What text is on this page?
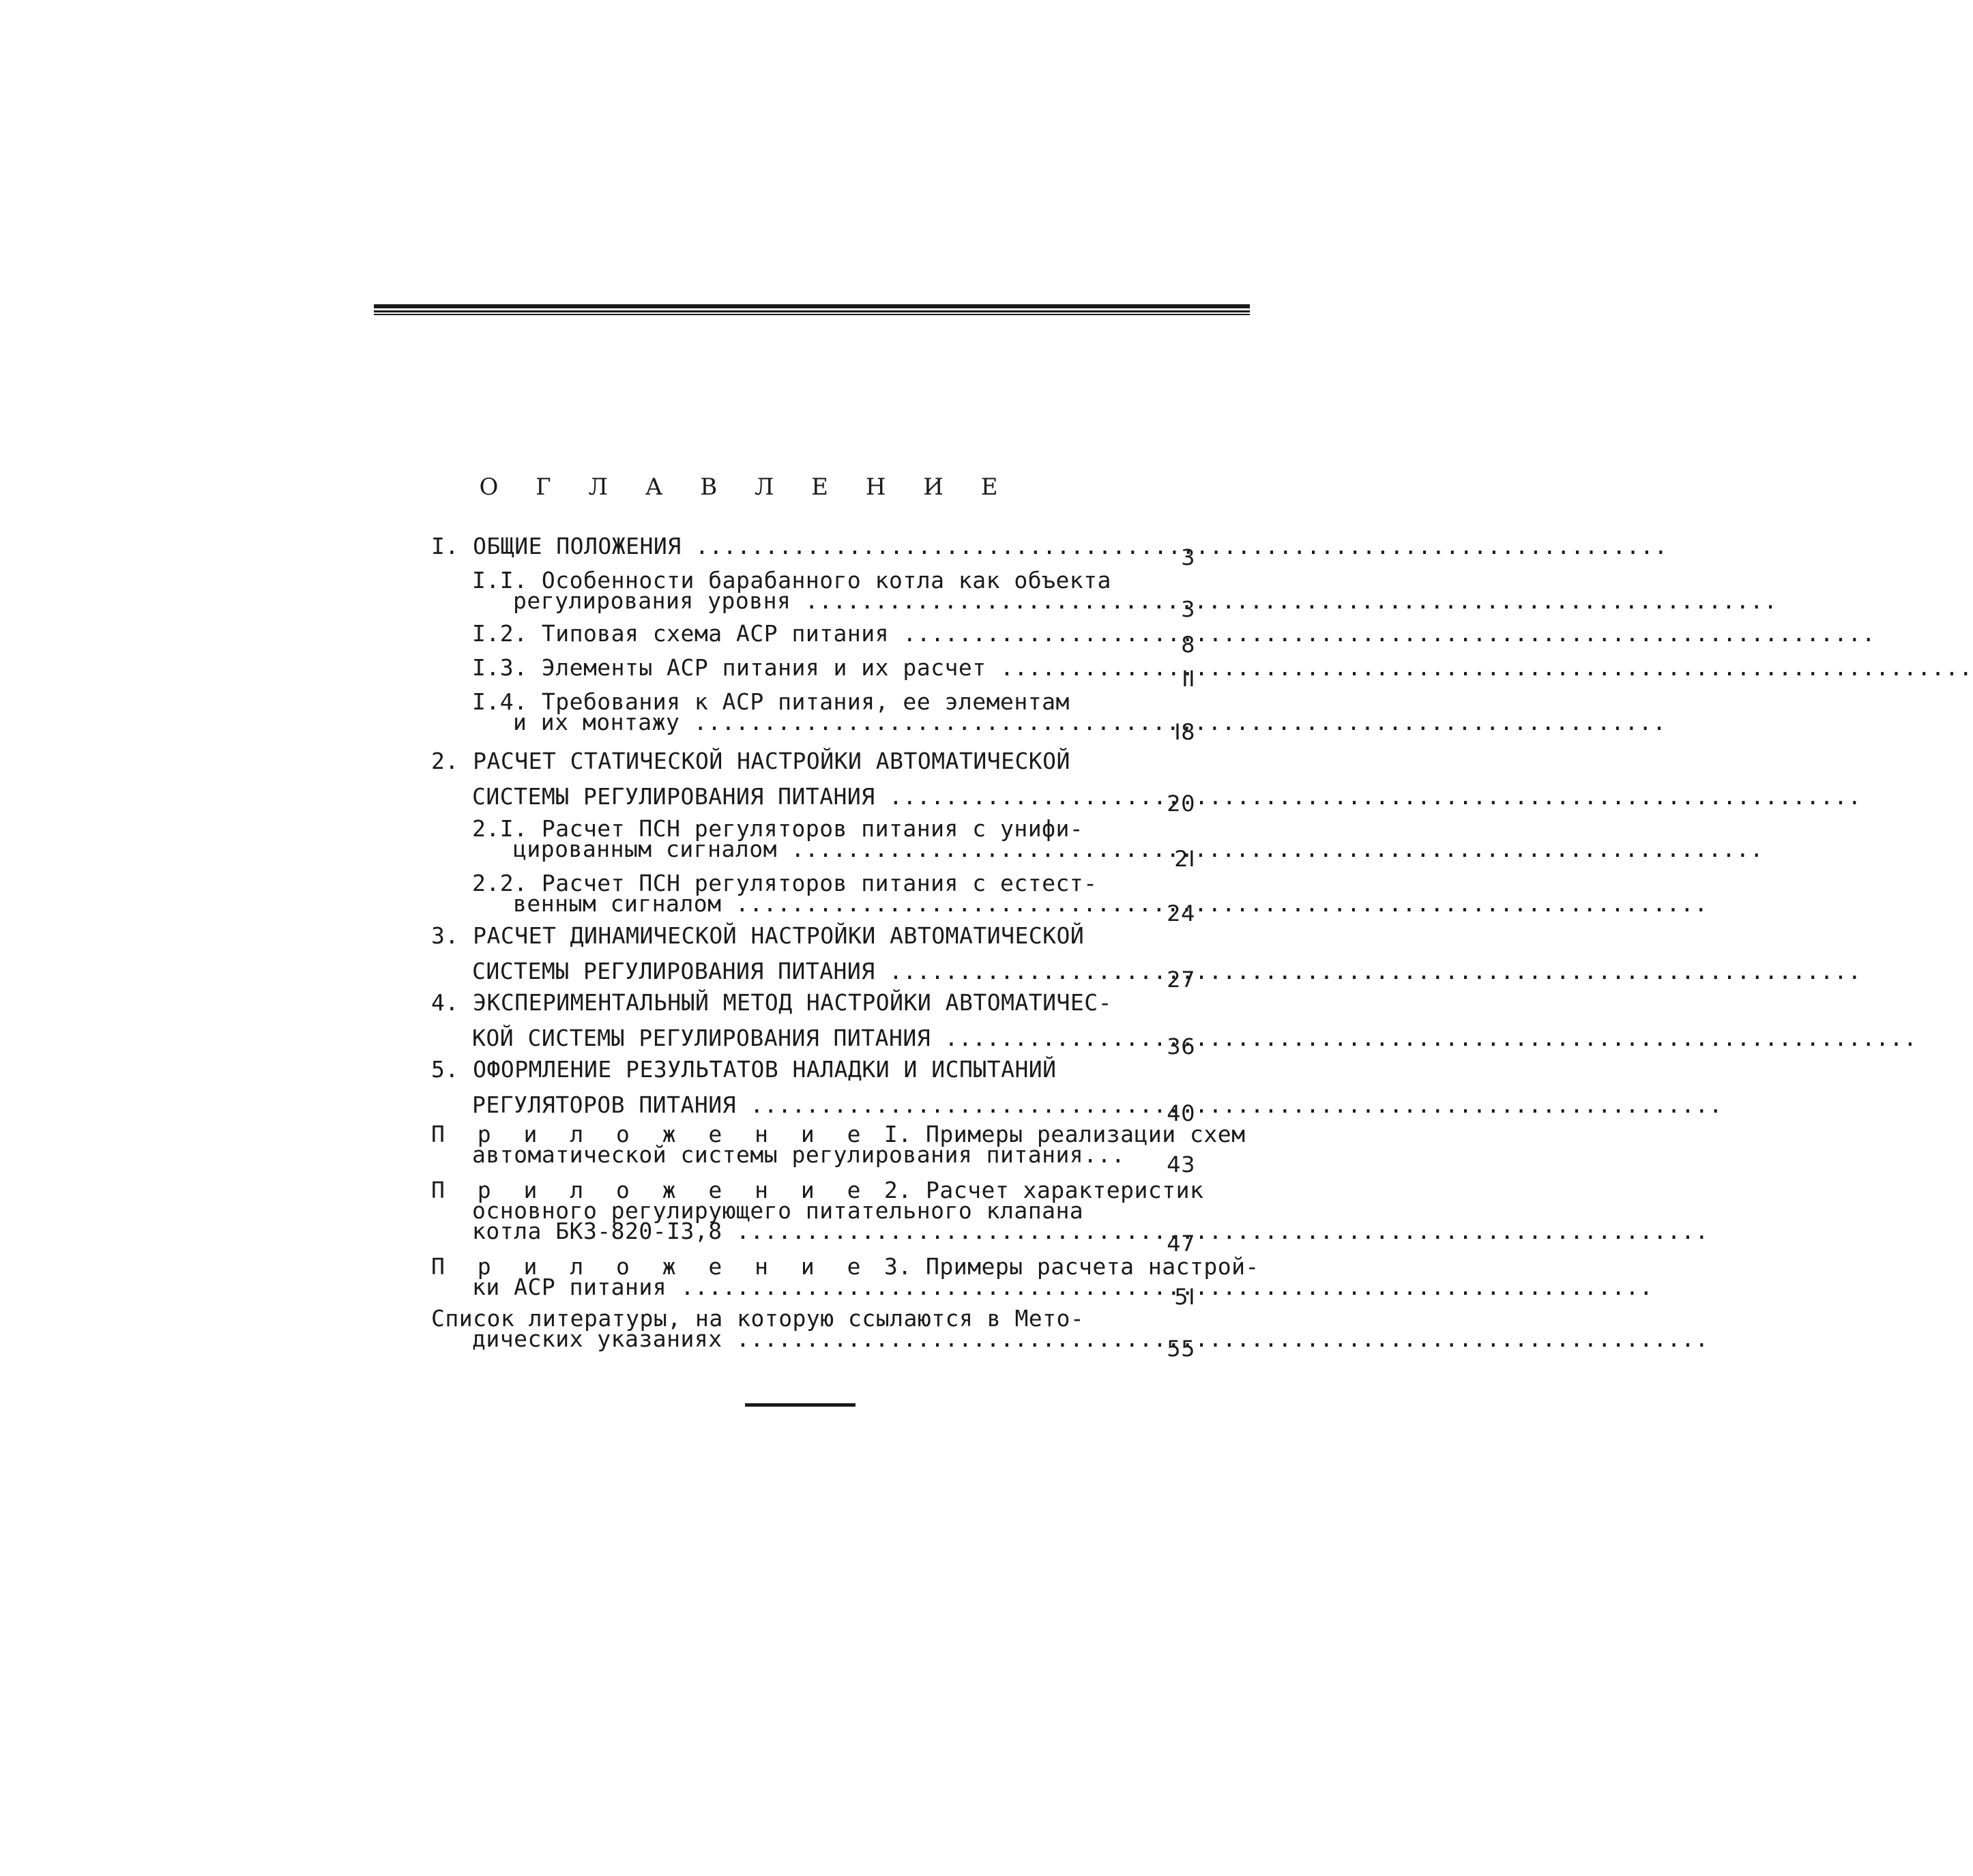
О Г Л А В Л Е Н И Е
I. ОБЩИЕ ПОЛОЖЕНИЯ .....	3
I.I. Особенности барабанного котла как объекта
регулирования уровня .....	3
I.2. Типовая схема АСР питания .....	8
I.3. Элементы АСР питания и их расчет .....	II
I.4. Требования к АСР питания, ее элементам
и их монтажу .....	I8
2. РАСЧЕТ СТАТИЧЕСКОЙ НАСТРОЙКИ АВТОМАТИЧЕСКОЙ
СИСТЕМЫ РЕГУЛИРОВАНИЯ ПИТАНИЯ .....	20
2.I. Расчет ПСН регуляторов питания с унифи-
цированным сигналом .....	2I
2.2. Расчет ПСН регуляторов питания с естест-
венным сигналом .....	24
3. РАСЧЕТ ДИНАМИЧЕСКОЙ НАСТРОЙКИ АВТОМАТИЧЕСКОЙ
СИСТЕМЫ РЕГУЛИРОВАНИЯ ПИТАНИЯ .....	27
4. ЭКСПЕРИМЕНТАЛЬНЫЙ МЕТОД НАСТРОЙКИ АВТОМАТИЧЕС-
КОЙ СИСТЕМЫ РЕГУЛИРОВАНИЯ ПИТАНИЯ .....	36
5. ОФОРМЛЕНИЕ РЕЗУЛЬТАТОВ НАЛАДКИ И ИСПЫТАНИЙ
РЕГУЛЯТОРОВ ПИТАНИЯ .....	40
П р и л о ж е н и е I. Примеры реализации схем
автоматической системы регулирования питания...	43
П р и л о ж е н и е 2. Расчет характеристик
основного регулирующего питательного клапана
котла БКЗ-820-I3,8 .....	47
П р и л о ж е н и е 3. Примеры расчета настрой-
ки АСР питания .....	5I
Список литературы, на которую ссылаются в Мето-
дических указаниях .....	55
